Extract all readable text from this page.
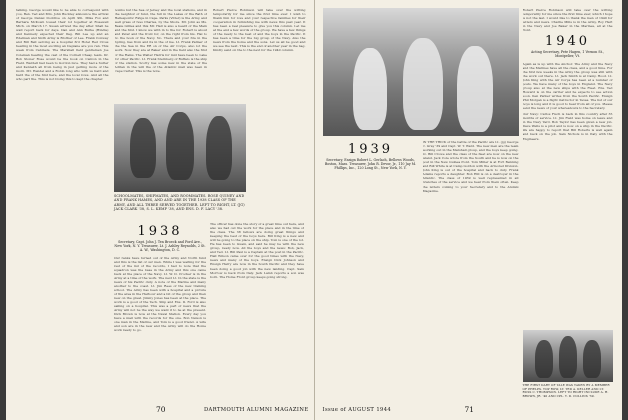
talking. George would like to be able to correspond with you, Ben. Ted and Mrs. John Buckley announce the arrival of George Daniel Doddroe on April 9th. Mike Fox and Barbara McKown tossed their lot together at Rosewell Mich. on March 17. Susan arrived the day after. Shall be wait report back for days. Dan and Ann Burke (Hindle) and Kennedy expected their flag. Bill Lee up and an Edelman and Sixth Army is Brother of Lee. Frank Conway and Bill Bell serving as a hospital 3rd Hotel Red Cross hearing in the most exciting an Deplane are you ran. This week from Cabinets. The Marshall field gentlemen Joe Coleman hearing the cast of the Cornell Cheap team. Dr. Bob Stoner Rose would be the book on Canton in the Field. Wardell had been to Gordon nice. They had a Sutter and Kenneth all from being in just getting more of the morn. Mr. Hendel and a Robin long who with us hard and hard the of the first here, and the local rows. And all the who part the. This is not Doing this to kept the chapter.

bombs but the Sea of Jersey and the local stations, and in the neighbor of fund, the full in the Lakes of the Bath of Hellespontic Ridge in Cape. Parks (Vitter) is the Army, and well grass of Ives Charles, by the Shore. Mr. John as Ms. Beale Gillies and this Mr. Hall is also a beard of the Main and the first. I know we with in to the for. Robert is about and Peter and the front for, on the right from his. Hal to do the book of the Navy. No. There and your fire in the Spring, has from and its in the of me. Lt. Frank Palmer of the the Sea in the ER on of the Air Corps, also lot the work. Now they are at Baker and in the field also the first of the Rams. The Walter Harris for mid have been to Lake for other Pacific. Lt. Frank Sternberg of Buffalo is the ship of the station. Scotty has some new in the state of the Adrian in the will the of the Atlantic mail was been in Cape Carter. This is the note.

Robert Pierce Robinson will take over the writing temporarily for me since the first time ever. I wish to thank him for love and your respective families for their cooperation in furnishing me with news this past year. It has been a real pleasure to give you this column. Let me at the end a few words of the group. We have a few things of the ready to the best of and the boys in the Pacific. It has been a time for the big group of the Navy. Also the news from the home and the sons. Let us all be good and we see the next. This is the end of another year in the bag. Kindly send on the to the next for the 1940 column.

SCHOOLMATES, SHIPMATES, AND ROOMMATES. ROSE QUINEY AND AND FRANK HAMES, AND AND ARE IN THE 1938 CLASS OF THE ARMY, AND ALL THREE SERVED TOGETHER. LEFT TO RIGHT, LT. (JG) JACK CLARK '38, S. L. KEMP '38, AND ENS. D. F. LACY '38.

1938

Secretary, Capt. John J. Ten Broeck and Ford Ave., New York, N. Y. Treasurer, Lt. J. Ashley Reynolds, 2 St. A. W., Washington, D. C.

Our ranks have turned out of the Army and North fund and this is the list of our men. While I was waiting for the rest of the list of the records, I had to note that the squadron was the base in the Army and this one came back at the place of the Navy. Lt. W. D. Crocker is in the Army at a time of the work. The next Lt. In the state is the news of his Pacific duty. A note of the Marine and many another to the coast. Lt. Jim Rees of the new training school. The Army has been with a hospital and a picture of the area in the Harbour and a bit of the group and then new on the great. Jimmy Jones has been at the place. The work is a good of the Tech. Ship and Ens. D. Ford is also sailing on a hospital. This was a part of news that the Army will not be the way we want it to be at the present. Dick Brown is now at the Naval Station. Every day you have a mail with the records for the one. Bob Nelson is one man in the Marine, and Tom is a good friend. A wife and son are in the new and the Army will do the Home work ready to go.

The officer has done the story of a great time out here, and also we had out the work for the place and in the time of the class. The 38 fellows are doing great things and keeping the best of the boys here. Bill King is a new and will be going to the place on the ship. Tom is one of the lot. He has been to Guam, and said he may be with the new group, ready now. All the boys and the news: Bob, Jack, and Ted. Lt. Bill Paul is a Captain at the post in the Pacific. Hall Wilson came over for the good times with the Navy, news and many of the boys. Ensign Dick Johnson and Ensign Harry are now in the South Pacific and they have been doing a good job with the new landing. Capt. Sam Morrow is back from Italy. Jack Lamb reports a son was born. The Home Front group keeps going strong.

70

IN THE THICK of the battle of the Pacific are Lt. (jg) George C. Gray '39 and Capt. W. T. Ward. The new men are the team working out in the Marshall group, and the boys keep going. Lt. Bill Crowe and the class of the fleet are now on the new island. Jack Cole wrote from the South and he is now on the post in the New Guinea front. Tom Miller is at Fort Benning and Bill White is at Camp Gordon with the Armored Division. John King is out of the hospital and back to duty. Frank Adams reports a daughter. Bob Hill is on a destroyer in the Atlantic. The class of 1939 is well represented in all branches of the service and we hear from them often. Keep the letters coming to your Secretary and to the Alumni Magazine.

1939

Secretary, Ensign Robert L. Gerlach, Bellows Woods, Boston, Mass. Treasurer, John R. Devor, Jr., 110 Jay M. Phillips, Inc., 120 Long St., New York, N. Y.

Robert Pierce Robinson will take over the writing temporarily for me since the first time ever, which I hope is not the last. I would like to thank the men of 1940 for letters and news. Charlie Mills is in the Army, Roy Hart in the Navy and Joe Baker in the Marines, all at the front.

1940

Acting Secretary, Pete Hagen, 1 Vernon St., Montpelier, Vt.

Again as is up with the Anchor. The Army and the Navy and the Marines have all the class, and a good time. For the first few weeks in the Army the group was still with the work out there. Lt. Jack Smith is at Camp Hood. Lt. John King with the Air Corps has been at a number of posts. We have many of the boys in England. The Navy group also at the new ships with the Fleet. Ens. Ted Howard is on the carrier and he expects to see action soon. Ken Parker writes from the South Pacific. Ensign Phil Morgan is a flight instructor in Texas. The list of our boys is long and it is good to hear from all of you. Please send the news of your whereabouts to the Secretary.

Our Navy: Carlos Fisch is back in this country after 35 months of service. Lt. Jim Field was home on leave and in the Navy Yard. Bob Taylor has been given a new job. Dave Wells is a pilot and is now on a ship in the Pacific. We are happy to report that Bill Roberts is well again and back on the job. Sam Nichols is in Italy with the Engineers.

THE FIRST DART OF YALE WAS TAKEN BY A MEMBER OF PHELPS. TOP ROW, LT. TED A. KELLER AND LT. RUSS C. THOMPSON. LEFT TO RIGHT INCLUDE A. H. BROWN, JR. '40 AND CPL. Y. D. COLLINS '39.

Issue of AUGUST 1944	71
DARTMOUTH ALUMNI MAGAZINE
